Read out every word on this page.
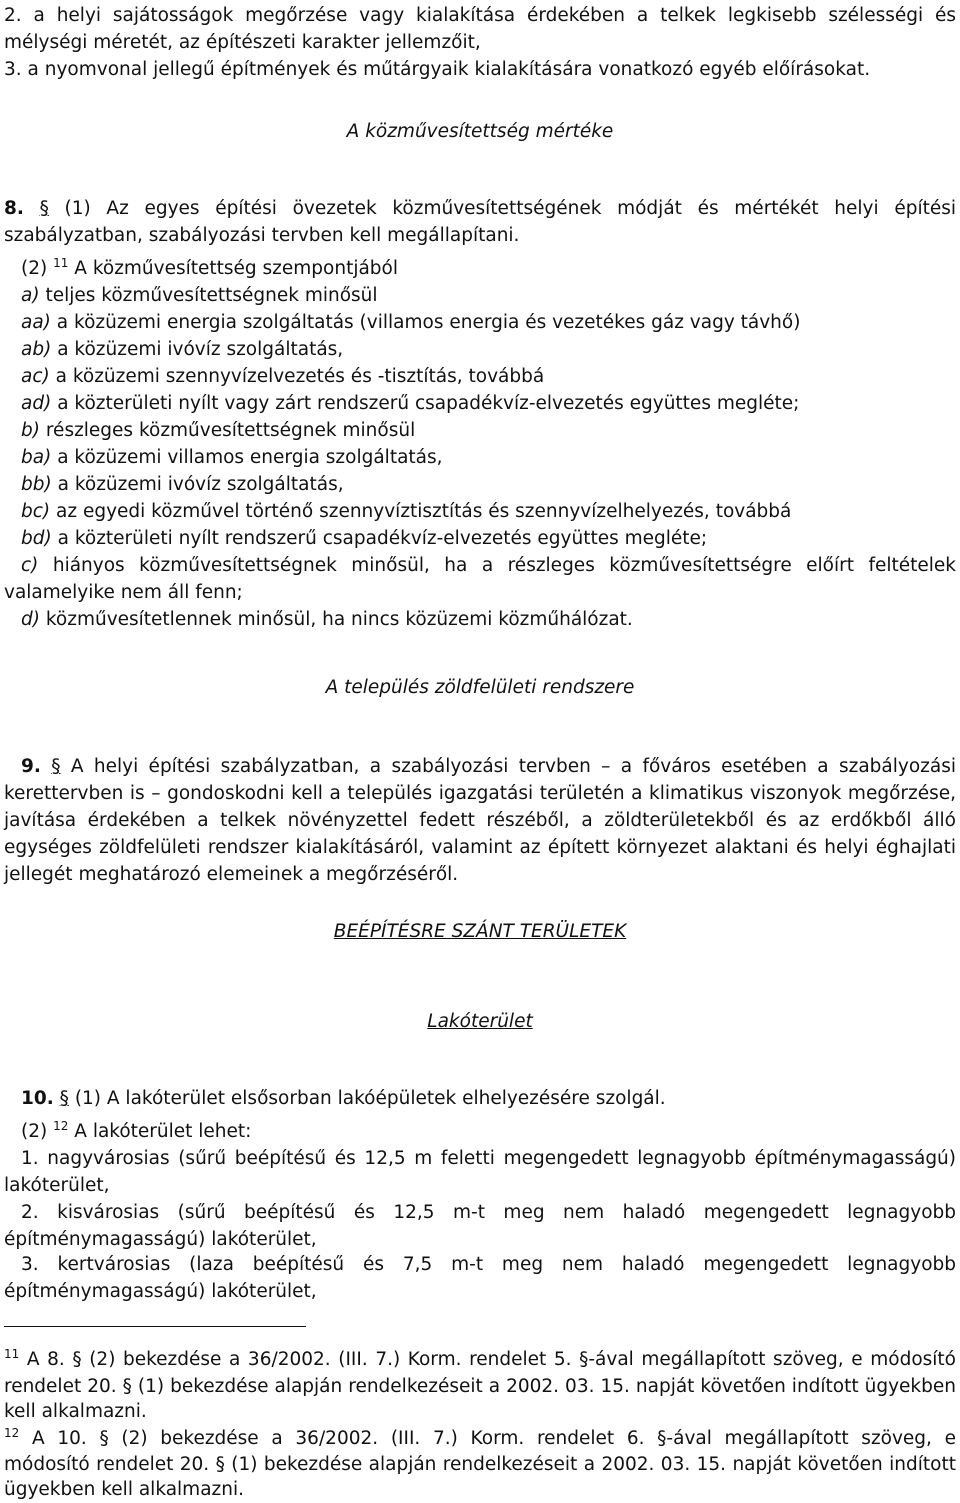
2. a helyi sajátosságok megőrzése vagy kialakítása érdekében a telkek legkisebb szélességi és
mélységi méretét, az építészeti karakter jellemzőit,
3. a nyomvonal jellegű építmények és műtárgyaik kialakítására vonatkozó egyéb előírásokat.
A közművesítettség mértéke
8. § (1) Az egyes építési övezetek közművesítettségének módját és mértékét helyi építési
szabályzatban, szabályozási tervben kell megállapítani.
(2) $^{11}$ A közművesítettség szempontjából
a) teljes közművesítettségnek minősül
aa) a közüzemi energia szolgáltatás (villamos energia és vezetékes gáz vagy távhő)
ab) a közüzemi ivóvíz szolgáltatás,
ac) a közüzemi szennyvízelvezetés és -tisztítás, továbbá
ad) a közterületi nyílt vagy zárt rendszerű csapadékvíz-elvezetés együttes megléte;
b) részleges közművesítettségnek minősül
ba) a közüzemi villamos energia szolgáltatás,
bb) a közüzemi ivóvíz szolgáltatás,
bc) az egyedi közművel történő szennyvíztisztítás és szennyvízelhelyezés, továbbá
bd) a közterületi nyílt rendszerű csapadékvíz-elvezetés együttes megléte;
c) hiányos közművesítettségnek minősül, ha a részleges közművesítettségre előírt feltételek
valamelyike nem áll fenn;
d) közművesítetlennek minősül, ha nincs közüzemi közműhálózat.
A település zöldfelületi rendszere
9. § A helyi építési szabályzatban, a szabályozási tervben – a főváros esetében a szabályozási
kerettervben is – gondoskodni kell a település igazgatási területén a klimatikus viszonyok megőrzése,
javítása érdekében a telkek növényzettel fedett részéből, a zöldterületekből és az erdőkből álló
egységes zöldfelületi rendszer kialakításáról, valamint az épített környezet alaktani és helyi éghajlati
jellegét meghatározó elemeinek a megőrzéséről.
BEÉPÍTÉSRE SZÁNT TERÜLETEK
Lakóterület
10. § (1) A lakóterület elsősorban lakóépületek elhelyezésére szolgál.
(2) $^{12}$ A lakóterület lehet:
1. nagyvárosias (sűrű beépítésű és 12,5 m feletti megengedett legnagyobb építménymagasságú)
lakóterület,
2. kisvárosias (sűrű beépítésű és 12,5 m-t meg nem haladó megengedett legnagyobb
építménymagasságú) lakóterület,
3. kertvárosias (laza beépítésű és 7,5 m-t meg nem haladó megengedett legnagyobb
építménymagasságú) lakóterület,
$^{11}$ A 8. § (2) bekezdése a 36/2002. (III. 7.) Korm. rendelet 5. §-ával megállapított szöveg, e módosító
rendelet 20. § (1) bekezdése alapján rendelkezéseit a 2002. 03. 15. napját követően indított ügyekben
kell alkalmazni.
$^{12}$ A 10. § (2) bekezdése a 36/2002. (III. 7.) Korm. rendelet 6. §-ával megállapított szöveg, e
módosító rendelet 20. § (1) bekezdése alapján rendelkezéseit a 2002. 03. 15. napját követően indított
ügyekben kell alkalmazni.
